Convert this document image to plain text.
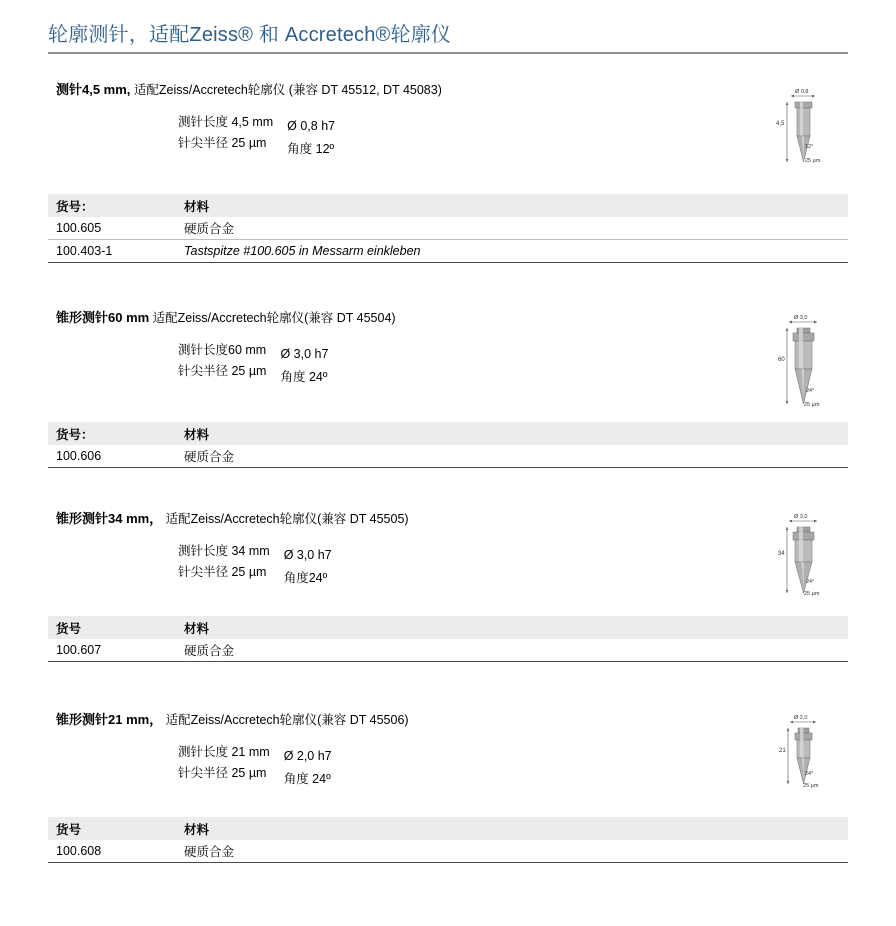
轮廓测针，适配Zeiss® 和 Accretech®轮廓仪
测针4,5 mm, 适配Zeiss/Accretech轮廓仪 (兼容 DT 45512, DT 45083)
测针长度 4,5 mm
针尖半径 25 µm
Ø 0,8 h7
角度 12º
货号：	材料
100.605	硬质合金
100.403-1	Tastspitze #100.605 in Messarm einkleben
Ø 0,8
4,5
12°
25 µm
锥形测针60 mm 适配Zeiss/Accretech轮廓仪(兼容 DT 45504)
测针长度60 mm
针尖半径 25 µm
Ø 3,0 h7
角度 24º
货号：	材料
100.606	硬质合金
Ø 3,0
60
24°
25 µm
锥形测针34 mm， 适配Zeiss/Accretech轮廓仪(兼容 DT 45505)
测针长度 34 mm
针尖半径 25 µm
Ø 3,0 h7
角度24º
货号	材料
100.607	硬质合金
Ø 3,0
34
24°
25 µm
锥形测针21 mm， 适配Zeiss/Accretech轮廓仪(兼容 DT 45506)
测针长度 21 mm
针尖半径 25 µm
Ø 2,0 h7
角度 24º
货号	材料
100.608	硬质合金
Ø 2,0
21
24°
25 µm
